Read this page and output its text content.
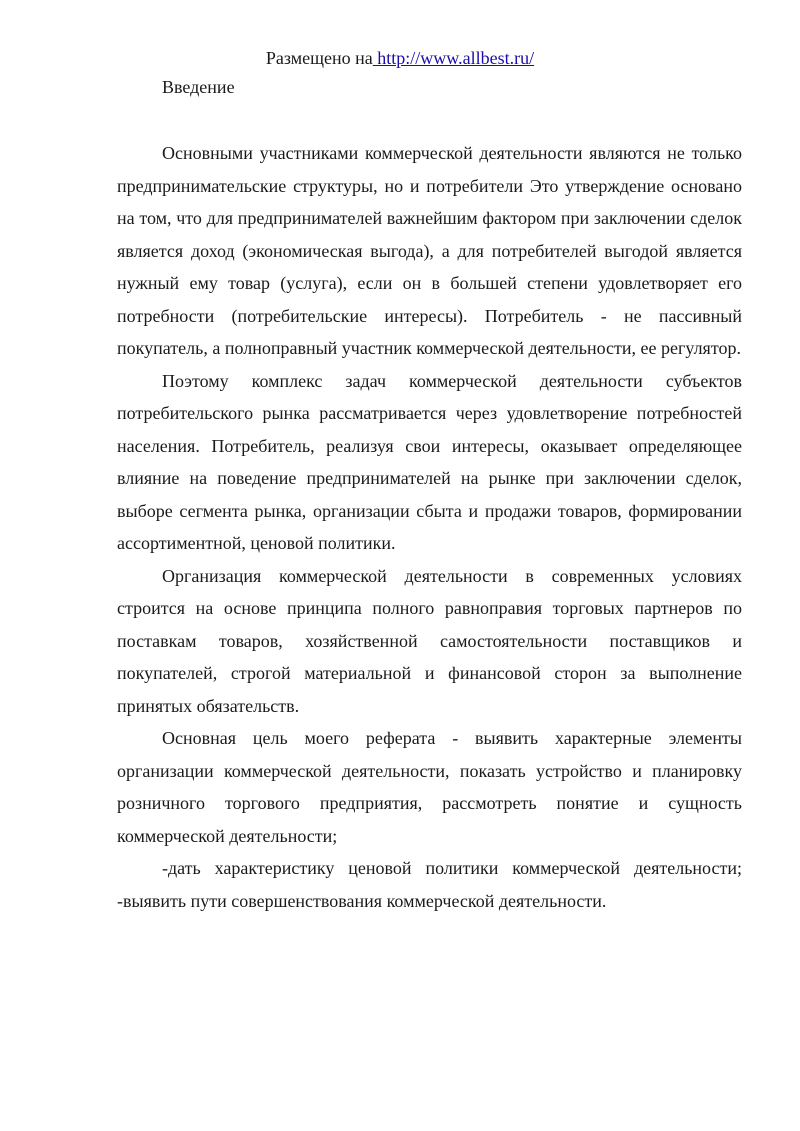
Размещено на http://www.allbest.ru/
Введение

Основными участниками коммерческой деятельности являются не только предпринимательские структуры, но и потребители Это утверждение основано на том, что для предпринимателей важнейшим фактором при заключении сделок является доход (экономическая выгода), а для потребителей выгодой является нужный ему товар (услуга), если он в большей степени удовлетворяет его потребности (потребительские интересы). Потребитель - не пассивный покупатель, а полноправный участник коммерческой деятельности, ее регулятор.

Поэтому комплекс задач коммерческой деятельности субъектов потребительского рынка рассматривается через удовлетворение потребностей населения. Потребитель, реализуя свои интересы, оказывает определяющее влияние на поведение предпринимателей на рынке при заключении сделок, выборе сегмента рынка, организации сбыта и продажи товаров, формировании ассортиментной, ценовой политики.

Организация коммерческой деятельности в современных условиях строится на основе принципа полного равноправия торговых партнеров по поставкам товаров, хозяйственной самостоятельности поставщиков и покупателей, строгой материальной и финансовой сторон за выполнение принятых обязательств.

Основная цель моего реферата - выявить характерные элементы организации коммерческой деятельности, показать устройство и планировку розничного торгового предприятия, рассмотреть понятие и сущность коммерческой деятельности;

-дать характеристику ценовой политики коммерческой деятельности; -выявить пути совершенствования коммерческой деятельности.
